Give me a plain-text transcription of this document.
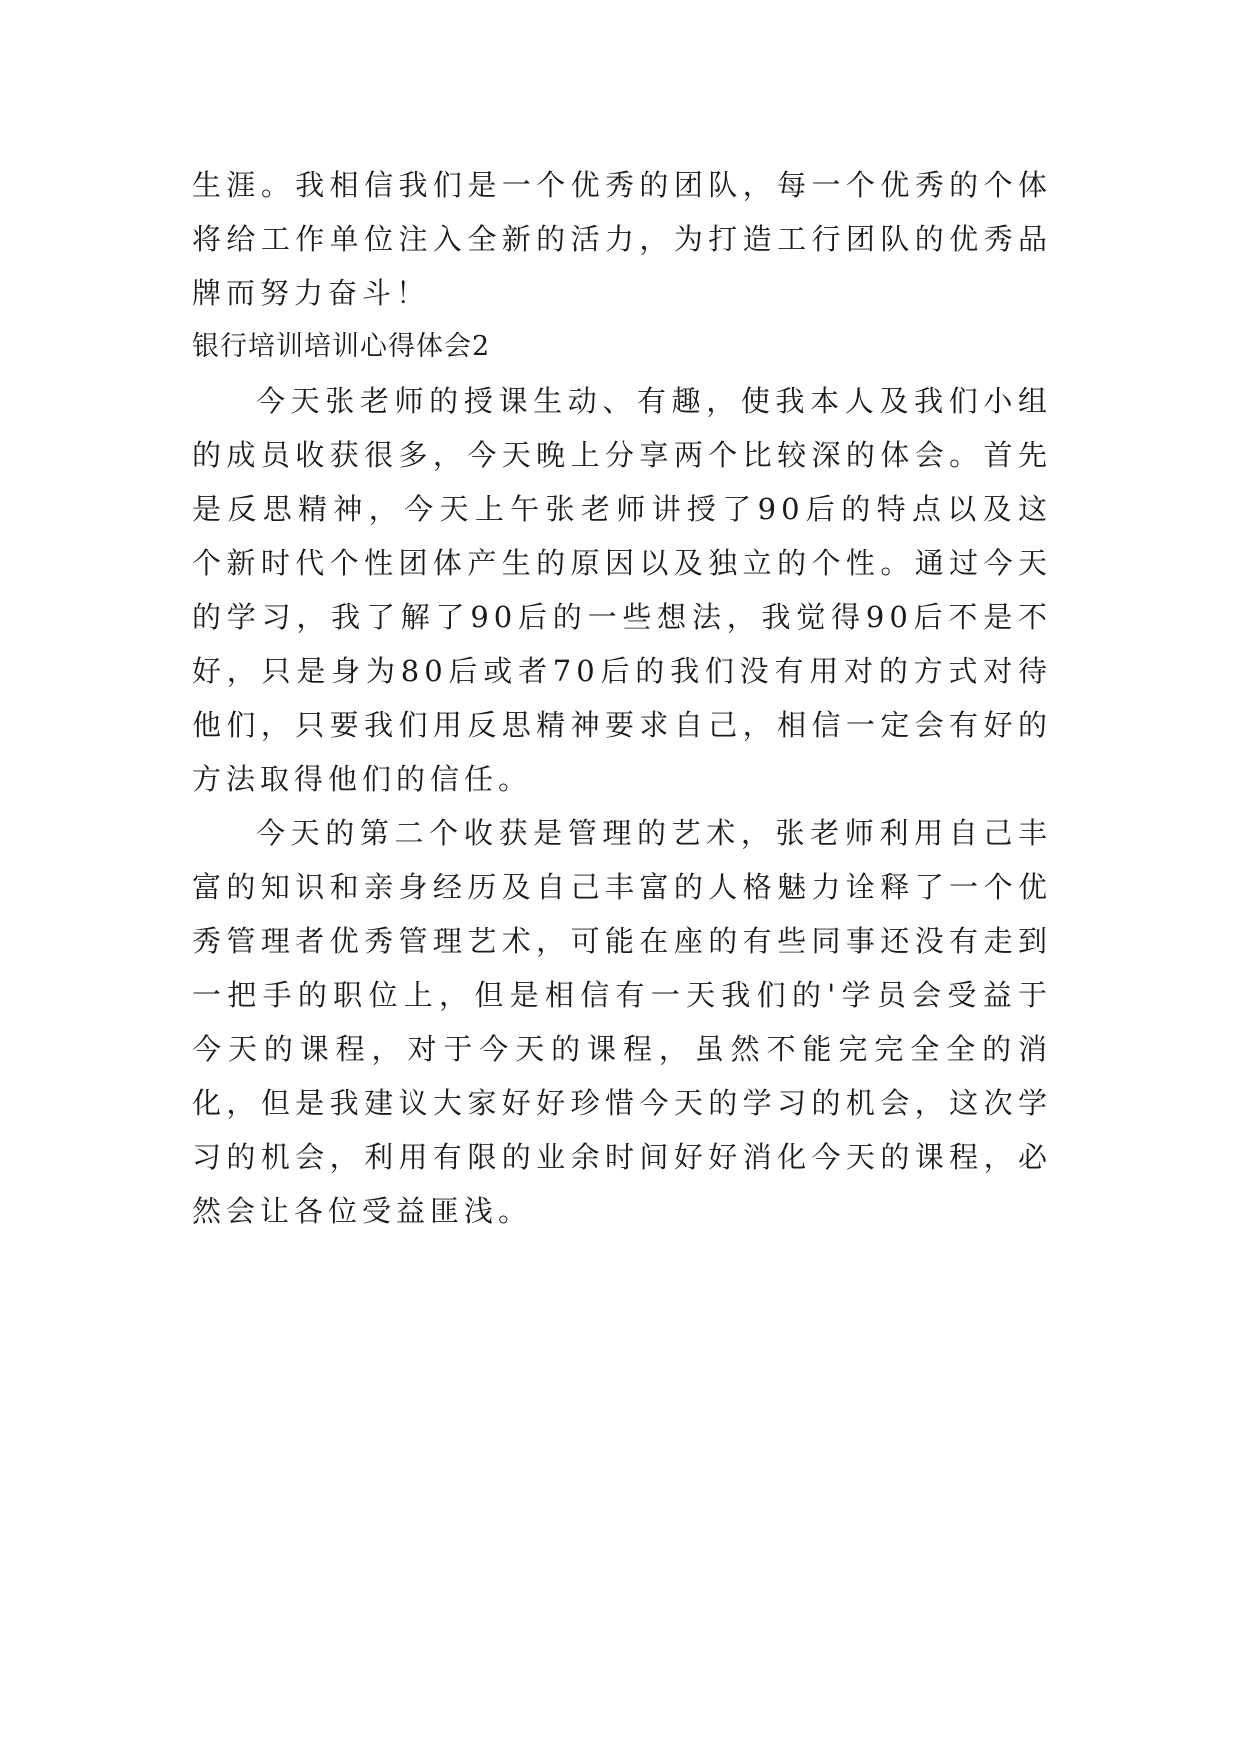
生涯。我相信我们是一个优秀的团队，每一个优秀的个体将给工作单位注入全新的活力，为打造工行团队的优秀品牌而努力奋斗！

银行培训培训心得体会2

今天张老师的授课生动、有趣，使我本人及我们小组的成员收获很多，今天晚上分享两个比较深的体会。首先是反思精神，今天上午张老师讲授了90后的特点以及这个新时代个性团体产生的原因以及独立的个性。通过今天的学习，我了解了90后的一些想法，我觉得90后不是不好，只是身为80后或者70后的我们没有用对的方式对待他们，只要我们用反思精神要求自己，相信一定会有好的方法取得他们的信任。

今天的第二个收获是管理的艺术，张老师利用自己丰富的知识和亲身经历及自己丰富的人格魅力诠释了一个优秀管理者优秀管理艺术，可能在座的有些同事还没有走到一把手的职位上，但是相信有一天我们的'学员会受益于今天的课程，对于今天的课程，虽然不能完完全全的消化，但是我建议大家好好珍惜今天的学习的机会，这次学习的机会，利用有限的业余时间好好消化今天的课程，必然会让各位受益匪浅。
